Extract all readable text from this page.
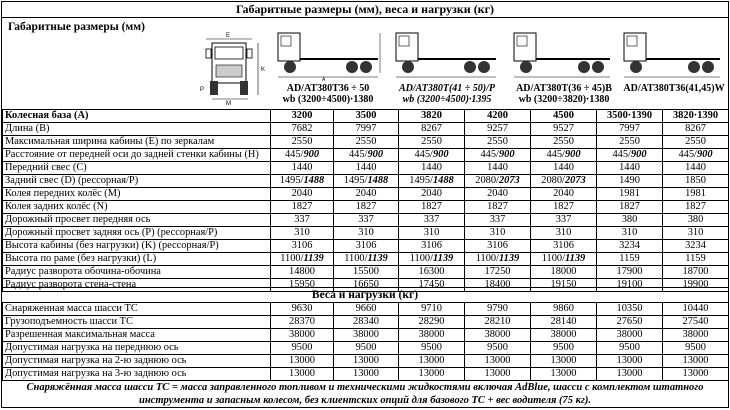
Габаритные размеры (мм), веса и нагрузки (кг)
Габаритные размеры (мм)
E
K
P
M
A
AD/AT380T36 ÷ 50
wb (3200÷4500)·1380
AD/AT380T(41 ÷ 50)/P
wb (3200÷4500)·1395
AD/AT380T(36 ÷ 45)B
wb (3200÷3820)·1380
AD/AT380T36(41,45)W
Колесная база (A)	3200	3500	3820	4200	4500	3500·1390	3820·1390
Длина (B)	7682	7997	8267	9257	9527	7997	8267
Максимальная ширина кабины (E) по зеркалам	2550	2550	2550	2550	2550	2550	2550
Расстояние от передней оси до задней стенки кабины (H)	445/900	445/900	445/900	445/900	445/900	445/900	445/900
Передний свес (C)	1440	1440	1440	1440	1440	1440	1440
Задний свес (D) (рессорная/P)	1495/1488	1495/1488	1495/1488	2080/2073	2080/2073	1490	1850
Колея передних колёс (M)	2040	2040	2040	2040	2040	1981	1981
Колея задних колёс (N)	1827	1827	1827	1827	1827	1827	1827
Дорожный просвет передняя ось	337	337	337	337	337	380	380
Дорожный просвет задняя ось (P) (рессорная/P)	310	310	310	310	310	310	310
Высота кабины (без нагрузки) (K) (рессорная/P)	3106	3106	3106	3106	3106	3234	3234
Высота по раме (без нагрузки) (L)	1100/1139	1100/1139	1100/1139	1100/1139	1100/1139	1159	1159
Радиус разворота обочина-обочина	14800	15500	16300	17250	18000	17900	18700
Радиус разворота стена-стена	15950	16650	17450	18400	19150	19100	19900
Веса и нагрузки (кг)
Снаряженная масса шасси ТС	9630	9660	9710	9790	9860	10350	10440
Грузоподъемность шасси ТС	28370	28340	28290	28210	28140	27650	27540
Разрешенная максимальная масса	38000	38000	38000	38000	38000	38000	38000
Допустимая нагрузка на переднюю ось	9500	9500	9500	9500	9500	9500	9500
Допустимая нагрузка на 2-ю заднюю ось	13000	13000	13000	13000	13000	13000	13000
Допустимая нагрузка на 3-ю заднюю ось	13000	13000	13000	13000	13000	13000	13000
Снаряжённая масса шасси ТС = масса заправленного топливом и техническими жидкостями включая AdBlue, шасси с комплектом штатного инструмента и запасным колесом, без клиентских опций для базового ТС + вес водителя (75 кг).
